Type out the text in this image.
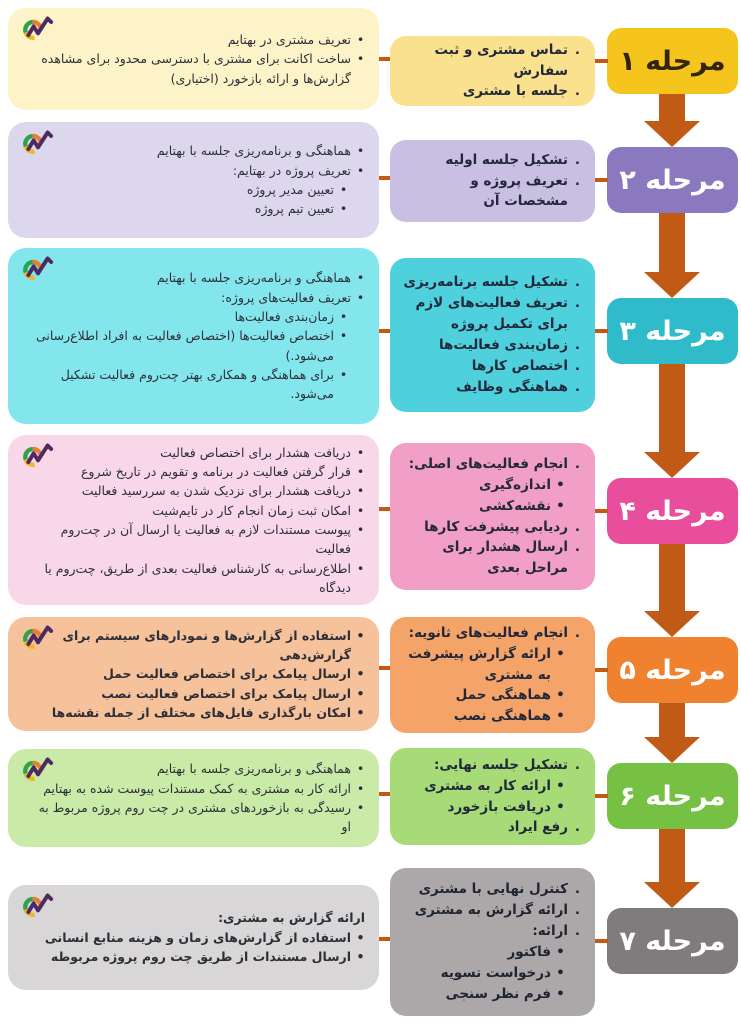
مرحله ۱
مرحله ۲
مرحله ۳
مرحله ۴
مرحله ۵
مرحله ۶
مرحله ۷
.
تماس مشتری و ثبت سفارش
.
جلسه با مشتری
.
تشکیل جلسه اولیه
.
تعریف پروژه و مشخصات آن
.
تشکیل جلسه برنامه‌ریزی
.
تعریف فعالیت‌های لازم برای تکمیل پروژه
.
زمان‌بندی فعالیت‌ها
.
اختصاص کارها
.
هماهنگی وظایف
.
انجام فعالیت‌های اصلی:
•
اندازه‌گیری
•
نقشه‌کشی
.
ردیابی پیشرفت کارها
.
ارسال هشدار برای مراحل بعدی
.
انجام فعالیت‌های ثانویه:
•
ارائه گزارش پیشرفت به مشتری
•
هماهنگی حمل
•
هماهنگی نصب
.
تشکیل جلسه نهایی:
•
ارائه کار به مشتری
•
دریافت بازخورد
.
رفع ایراد
.
کنترل نهایی با مشتری
.
ارائه گزارش به مشتری
.
ارائه:
•
فاکتور
•
درخواست تسویه
•
فرم نظر سنجی
•
تعریف مشتری در بهتایم
•
ساخت اکانت برای مشتری با دسترسی محدود برای مشاهده گزارش‌ها و ارائه بازخورد (اختیاری)
•
هماهنگی و برنامه‌ریزی جلسه با بهتایم
•
تعریف پروژه در بهتایم:
•
تعیین مدیر پروژه
•
تعیین تیم پروژه
•
هماهنگی و برنامه‌ریزی جلسه با بهتایم
•
تعریف فعالیت‌های پروژه:
•
زمان‌بندی فعالیت‌ها
•
اختصاص فعالیت‌ها (اختصاص فعالیت به افراد اطلاع‌رسانی می‌شود.)
•
برای هماهنگی و همکاری بهتر چت‌روم فعالیت تشکیل می‌شود.
•
دریافت هشدار برای اختصاص فعالیت
•
قرار گرفتن فعالیت در برنامه و تقویم در تاریخ شروع
•
دریافت هشدار برای نزدیک شدن به سررسید فعالیت
•
امکان ثبت زمان انجام کار در تایم‌شیت
•
پیوست مستندات لازم به فعالیت یا ارسال آن در چت‌روم فعالیت
•
اطلاع‌رسانی به کارشناس فعالیت بعدی از طریق، چت‌روم یا دیدگاه
•
استفاده از گزارش‌ها و نمودارهای سیستم برای گزارش‌دهی
•
ارسال پیامک برای اختصاص فعالیت حمل
•
ارسال پیامک برای اختصاص فعالیت نصب
•
امکان بارگذاری فایل‌های مختلف از جمله نقشه‌ها
•
هماهنگی و برنامه‌ریزی جلسه با بهتایم
•
ارائه کار به مشتری به کمک مستندات پیوست شده به بهتایم
•
رسیدگی به بازخوردهای مشتری در چت روم پروژه مربوط به او
ارائه گزارش به مشتری:
•
استفاده از گزارش‌های زمان و هزینه منابع انسانی
•
ارسال مستندات از طریق چت روم پروژه مربوطه
